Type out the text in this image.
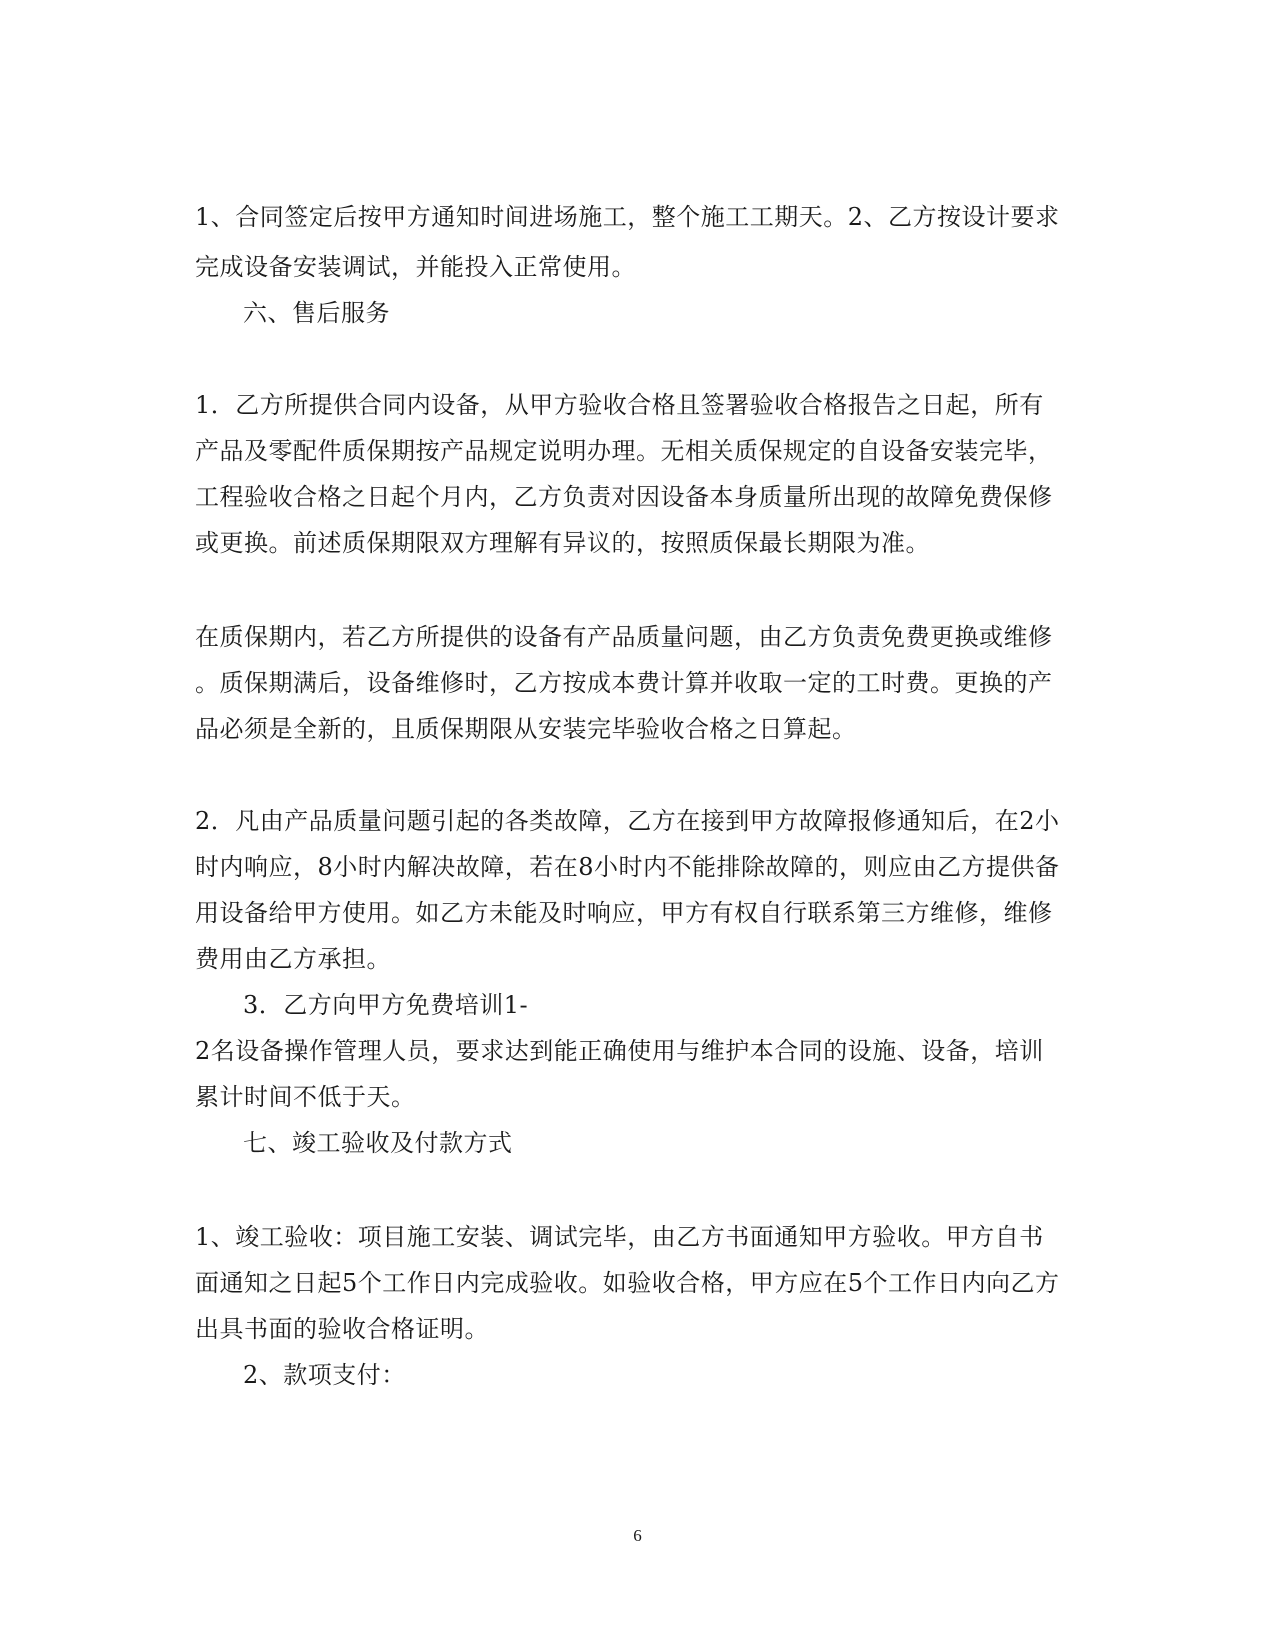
1、合同签定后按甲方通知时间进场施工，整个施工工期天。2、乙方按设计要求
完成设备安装调试，并能投入正常使用。
六、售后服务
1．乙方所提供合同内设备，从甲方验收合格且签署验收合格报告之日起，所有
产品及零配件质保期按产品规定说明办理。无相关质保规定的自设备安装完毕，
工程验收合格之日起个月内，乙方负责对因设备本身质量所出现的故障免费保修
或更换。前述质保期限双方理解有异议的，按照质保最长期限为准。
在质保期内，若乙方所提供的设备有产品质量问题，由乙方负责免费更换或维修
。质保期满后，设备维修时，乙方按成本费计算并收取一定的工时费。更换的产
品必须是全新的，且质保期限从安装完毕验收合格之日算起。
2．凡由产品质量问题引起的各类故障，乙方在接到甲方故障报修通知后，在2小
时内响应，8小时内解决故障，若在8小时内不能排除故障的，则应由乙方提供备
用设备给甲方使用。如乙方未能及时响应，甲方有权自行联系第三方维修，维修
费用由乙方承担。
3．乙方向甲方免费培训1-
2名设备操作管理人员，要求达到能正确使用与维护本合同的设施、设备，培训
累计时间不低于天。
七、竣工验收及付款方式
1、竣工验收：项目施工安装、调试完毕，由乙方书面通知甲方验收。甲方自书
面通知之日起5个工作日内完成验收。如验收合格，甲方应在5个工作日内向乙方
出具书面的验收合格证明。
2、款项支付：
6
